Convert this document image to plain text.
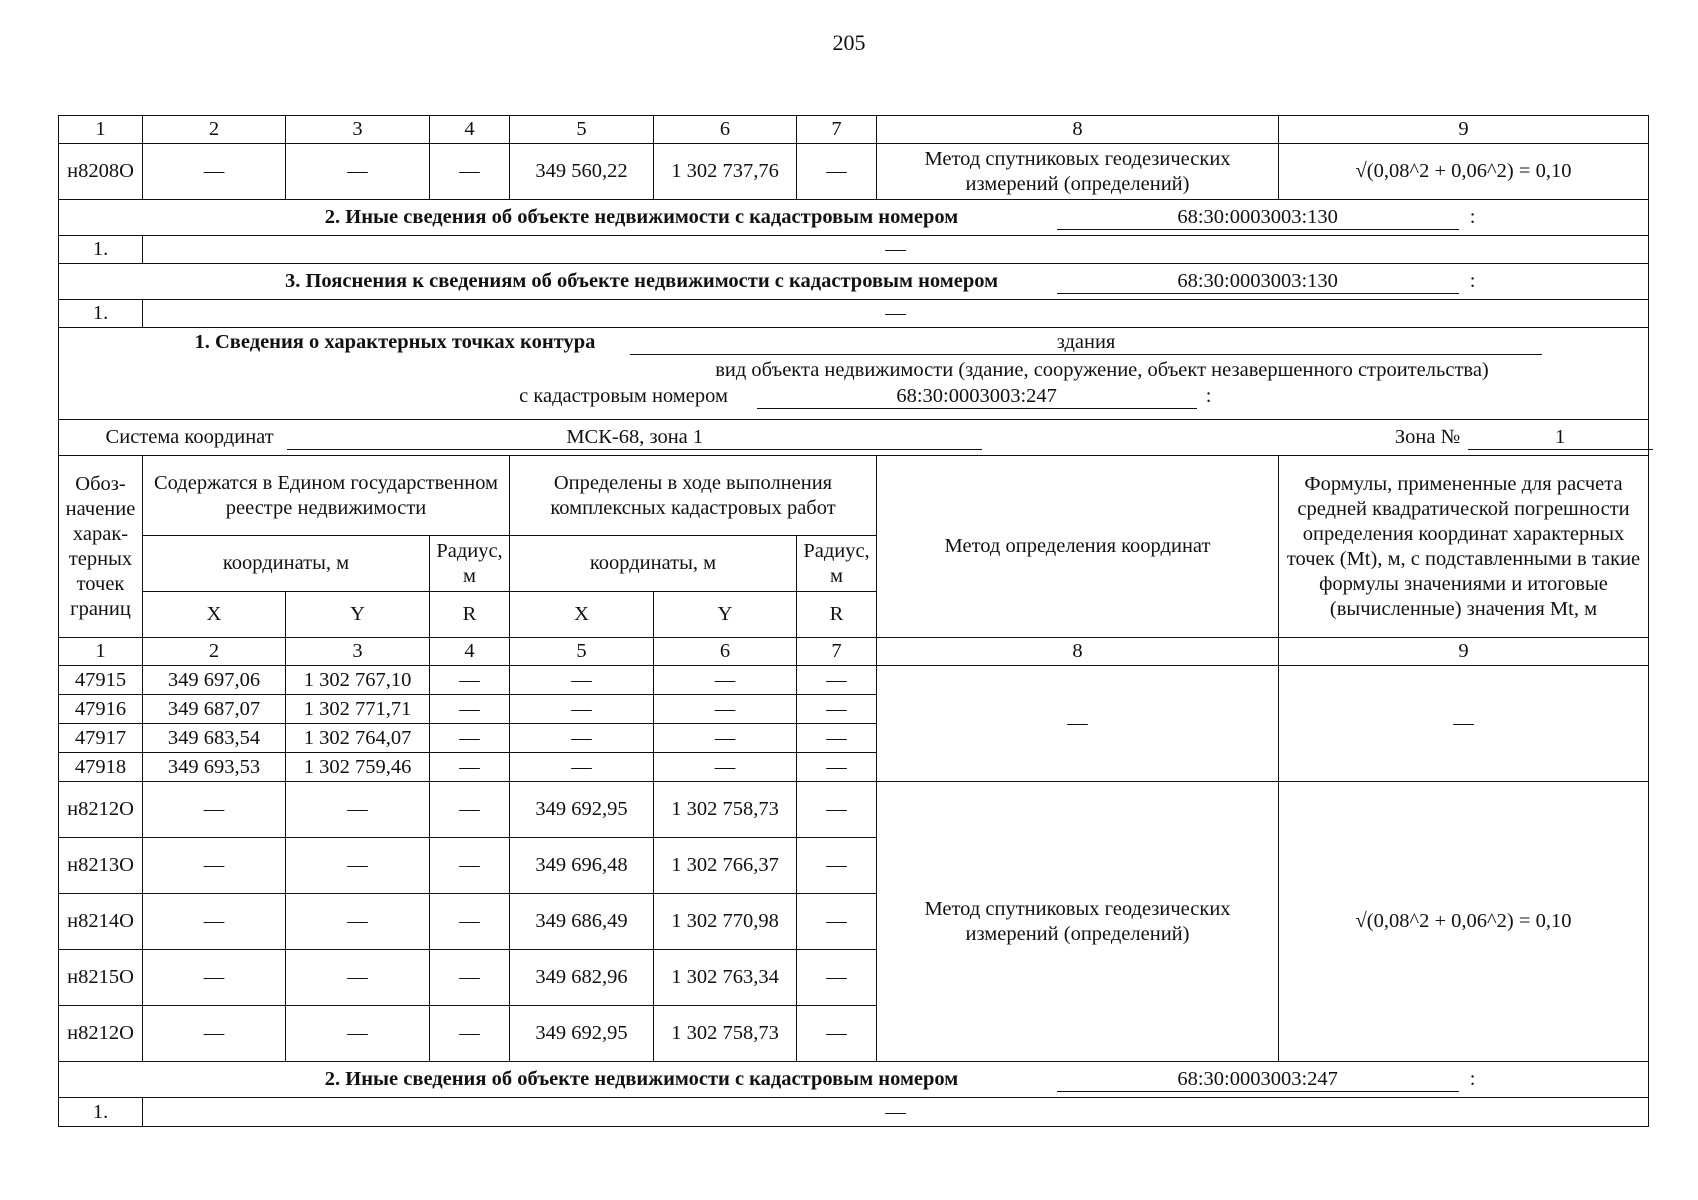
205
1	2	3	4	5	6	7	8	9
н8208О	—	—	—	349 560,22	1 302 737,76	—	Метод спутниковых геодезических измерений (определений)	√(0,08^2 + 0,06^2) = 0,10
2. Иные сведения об объекте недвижимости с кадастровым номером 68:30:0003003:130 :								
1.	—							
3. Пояснения к сведениям об объекте недвижимости с кадастровым номером 68:30:0003003:130 :								
1.	—							

1. Сведения о характерных точках контура здания
вид объекта недвижимости (здание, сооружение, объект незавершенного строительства)
с кадастровым номером 68:30:0003003:247 :								

Система координат МСК-68, зона 1 Зона № 1								
Обоз-начение харак-терных точек границ	Содержатся в Едином государственном реестре недвижимости			Определены в ходе выполнения комплексных кадастровых работ			Метод определения координат	Формулы, примененные для расчета средней квадратической погрешности определения координат характерных точек (Mt), м, с подставленными в такие формулы значениями и итоговые (вычисленные) значения Mt, м
	координаты, м		Радиус, м	координаты, м		Радиус, м		
	X	Y	R	X	Y	R		
1	2	3	4	5	6	7	8	9
47915	349 697,06	1 302 767,10	—	—	—	—	—	—
47916	349 687,07	1 302 771,71	—	—	—	—		
47917	349 683,54	1 302 764,07	—	—	—	—		
47918	349 693,53	1 302 759,46	—	—	—	—		
н8212О	—	—	—	349 692,95	1 302 758,73	—	Метод спутниковых геодезических измерений (определений)	√(0,08^2 + 0,06^2) = 0,10
н8213О	—	—	—	349 696,48	1 302 766,37	—		
н8214О	—	—	—	349 686,49	1 302 770,98	—		
н8215О	—	—	—	349 682,96	1 302 763,34	—		
н8212О	—	—	—	349 692,95	1 302 758,73	—		
2. Иные сведения об объекте недвижимости с кадастровым номером 68:30:0003003:247 :								
1.	—							
